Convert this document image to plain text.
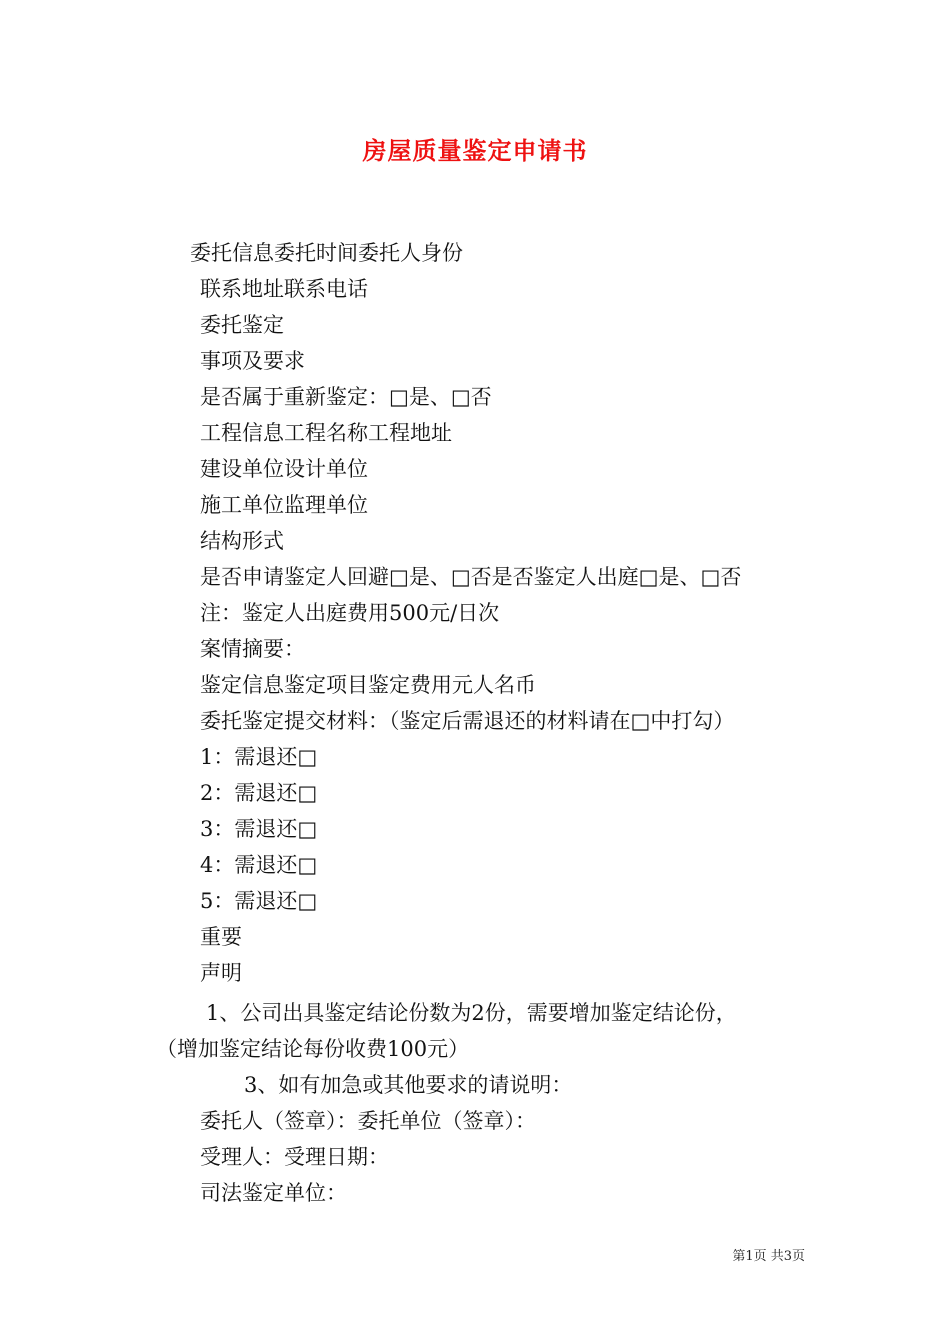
房屋质量鉴定申请书
委托信息委托时间委托人身份
联系地址联系电话
委托鉴定
事项及要求
是否属于重新鉴定：□是、□否
工程信息工程名称工程地址
建设单位设计单位
施工单位监理单位
结构形式
是否申请鉴定人回避□是、□否是否鉴定人出庭□是、□否
注：鉴定人出庭费用500元/日次
案情摘要：
鉴定信息鉴定项目鉴定费用元人名币
委托鉴定提交材料：（鉴定后需退还的材料请在□中打勾）
1：需退还□
2：需退还□
3：需退还□
4：需退还□
5：需退还□
重要
声明
1、公司出具鉴定结论份数为2份，需要增加鉴定结论份，
（增加鉴定结论每份收费100元）
3、如有加急或其他要求的请说明：
委托人（签章）：委托单位（签章）：
受理人：受理日期：
司法鉴定单位：
第1页 共3页
